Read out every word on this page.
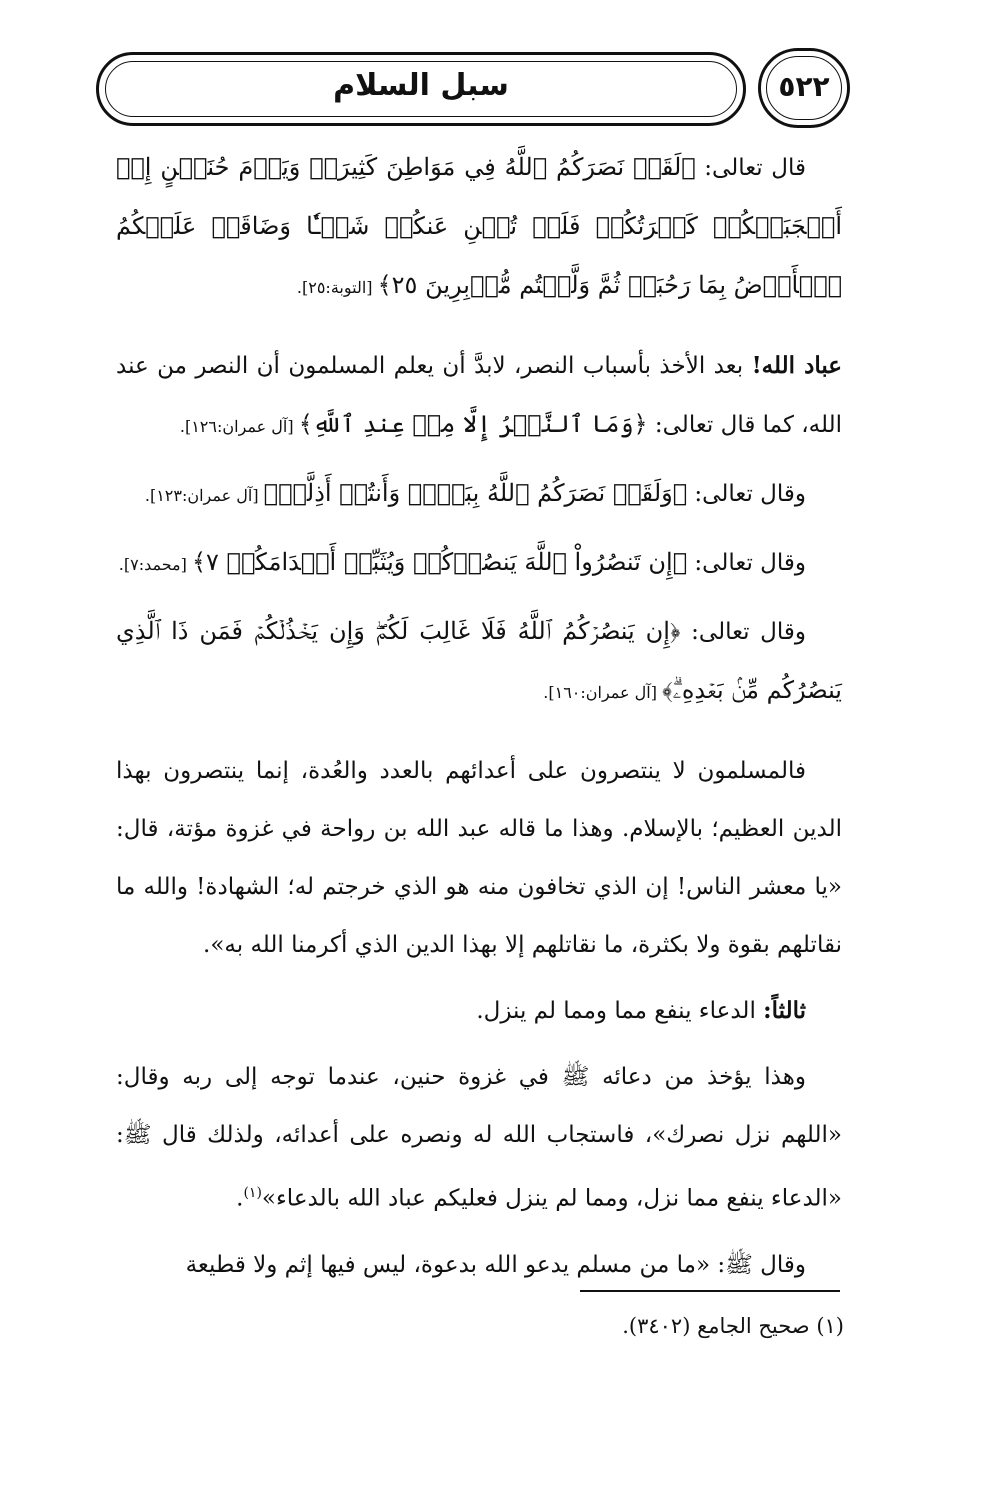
سبل السلام	٥٢٢

قال تعالى: ﴿لَقَدۡ نَصَرَكُمُ ٱللَّهُ فِي مَوَاطِنَ كَثِيرَةٖ وَيَوۡمَ حُنَيۡنٍ إِذۡ أَعۡجَبَتۡكُمۡ كَثۡرَتُكُمۡ فَلَمۡ تُغۡنِ عَنكُمۡ شَيۡـٔٗا وَضَاقَتۡ عَلَيۡكُمُ ٱلۡأَرۡضُ بِمَا رَحُبَتۡ ثُمَّ وَلَّيۡتُم مُّدۡبِرِينَ ٢٥﴾ [التوبة:٢٥].

عباد الله! بعد الأخذ بأسباب النصر، لابدَّ أن يعلم المسلمون أن النصر من عند الله، كما قال تعالى: ﴿وَمَا ٱلنَّصۡرُ إِلَّا مِنۡ عِندِ ٱللَّهِ﴾ [آل عمران:١٢٦].

وقال تعالى: ﴿وَلَقَدۡ نَصَرَكُمُ ٱللَّهُ بِبَدۡرٖ وَأَنتُمۡ أَذِلَّةٞ﴾ [آل عمران:١٢٣].

وقال تعالى: ﴿إِن تَنصُرُواْ ٱللَّهَ يَنصُرۡكُمۡ وَيُثَبِّتۡ أَقۡدَامَكُمۡ ٧﴾ [محمد:٧].

وقال تعالى: ﴿إِن يَنصُرۡكُمُ ٱللَّهُ فَلَا غَالِبَ لَكُمۡۖ وَإِن يَخۡذُلۡكُمۡ فَمَن ذَا ٱلَّذِي يَنصُرُكُم مِّنۢ بَعۡدِهِۦۗ﴾ [آل عمران:١٦٠].

فالمسلمون لا ينتصرون على أعدائهم بالعدد والعُدة، إنما ينتصرون بهذا الدين العظيم؛ بالإسلام. وهذا ما قاله عبد الله بن رواحة في غزوة مؤتة، قال: «يا معشر الناس! إن الذي تخافون منه هو الذي خرجتم له؛ الشهادة! والله ما نقاتلهم بقوة ولا بكثرة، ما نقاتلهم إلا بهذا الدين الذي أكرمنا الله به».

ثالثاً: الدعاء ينفع مما ومما لم ينزل.

وهذا يؤخذ من دعائه ﷺ في غزوة حنين، عندما توجه إلى ربه وقال: «اللهم نزل نصرك»، فاستجاب الله له ونصره على أعدائه، ولذلك قال ﷺ: «الدعاء ينفع مما نزل، ومما لم ينزل فعليكم عباد الله بالدعاء»$^{(١)}$.

وقال ﷺ: «ما من مسلم يدعو الله بدعوة، ليس فيها إثم ولا قطيعة

(١) صحيح الجامع (٣٤٠٢).
